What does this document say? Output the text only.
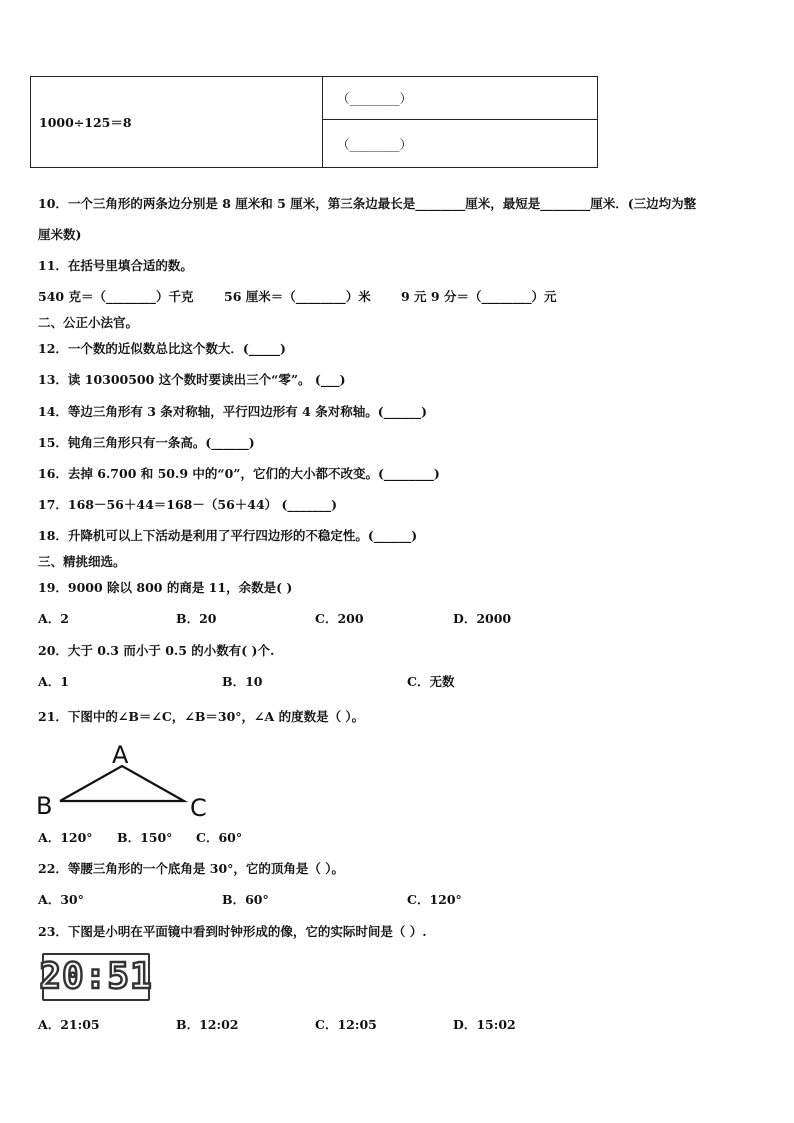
1000÷125＝8	（________）
（________）
10．一个三角形的两条边分别是 8 厘米和 5 厘米，第三条边最长是________厘米，最短是________厘米．(三边均为整
厘米数)
11．在括号里填合适的数。
540 克＝（________）千克 56 厘米＝（________）米 9 元 9 分＝（________）元
二、公正小法官。
12．一个数的近似数总比这个数大．(_____)
13．读 10300500 这个数时要读出三个“零”。 (___)
14．等边三角形有 3 条对称轴，平行四边形有 4 条对称轴。(______)
15．钝角三角形只有一条高。(______)
16．去掉 6.700 和 50.9 中的“0”，它们的大小都不改变。(________)
17．168－56＋44＝168－（56＋44） (_______)
18．升降机可以上下活动是利用了平行四边形的不稳定性。(______)
三、精挑细选。
19．9000 除以 800 的商是 11，余数是( )
A．2	B．20	C．200	D．2000
20．大于 0.3 而小于 0.5 的小数有( )个.
A．1	B．10	C．无数
21．下图中的∠B＝∠C，∠B＝30°，∠A 的度数是（ ）。
A
B	C
A．120° B．150° C．60°
22．等腰三角形的一个底角是 30°，它的顶角是（ ）。
A．30°	B．60°	C．120°
23．下图是小明在平面镜中看到时钟形成的像，它的实际时间是（ ）.
20:51
A．21:05	B．12:02	C．12:05	D．15:02
